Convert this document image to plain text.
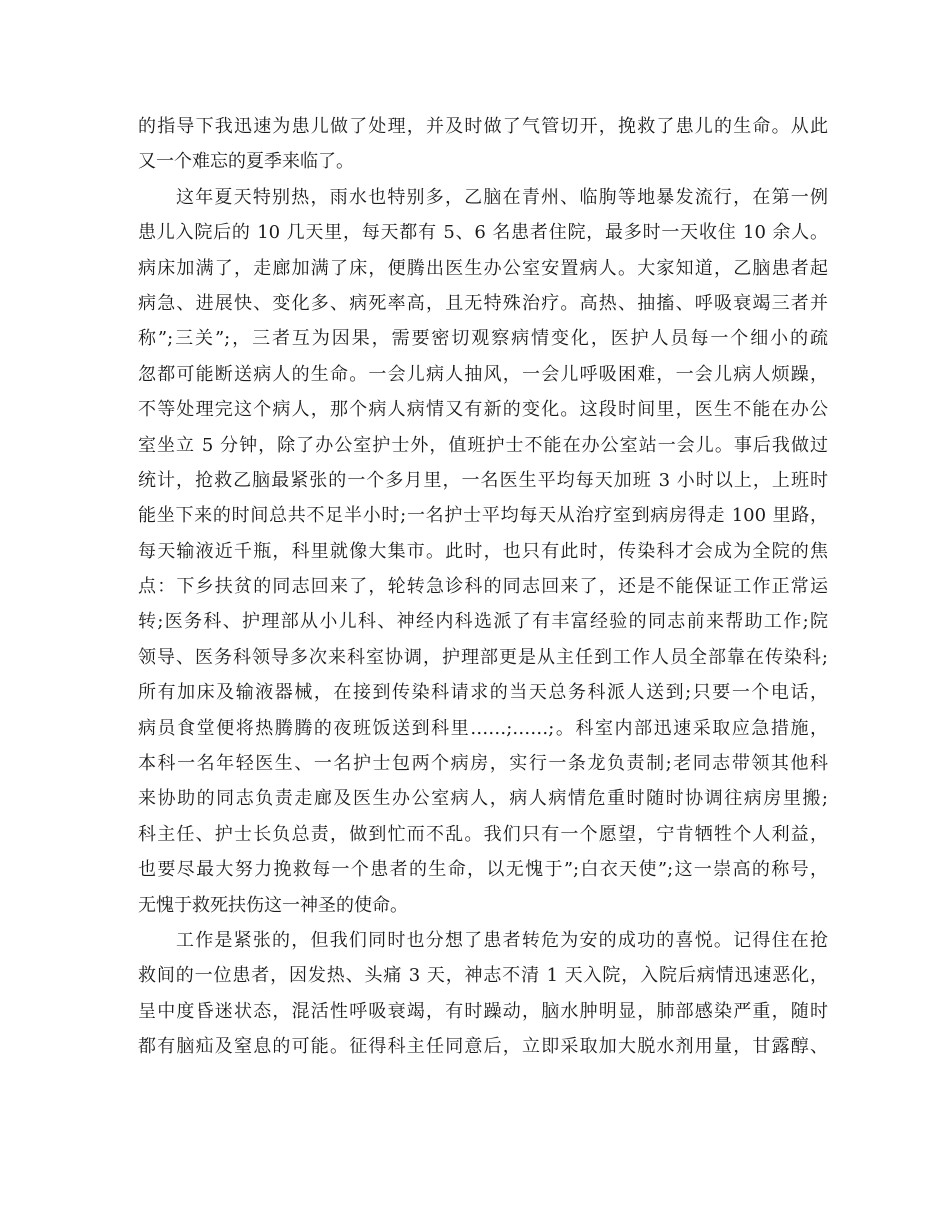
的指导下我迅速为患儿做了处理，并及时做了气管切开，挽救了患儿的生命。从此
又一个难忘的夏季来临了。
这年夏天特别热，雨水也特别多，乙脑在青州、临朐等地暴发流行，在第一例
患儿入院后的 10 几天里，每天都有 5、6 名患者住院，最多时一天收住 10 余人。
病床加满了，走廊加满了床，便腾出医生办公室安置病人。大家知道，乙脑患者起
病急、进展快、变化多、病死率高，且无特殊治疗。高热、抽搐、呼吸衰竭三者并
称”;三关”;，三者互为因果，需要密切观察病情变化，医护人员每一个细小的疏
忽都可能断送病人的生命。一会儿病人抽风，一会儿呼吸困难，一会儿病人烦躁，
不等处理完这个病人，那个病人病情又有新的变化。这段时间里，医生不能在办公
室坐立 5 分钟，除了办公室护士外，值班护士不能在办公室站一会儿。事后我做过
统计，抢救乙脑最紧张的一个多月里，一名医生平均每天加班 3 小时以上，上班时
能坐下来的时间总共不足半小时;一名护士平均每天从治疗室到病房得走 100 里路，
每天输液近千瓶，科里就像大集市。此时，也只有此时，传染科才会成为全院的焦
点：下乡扶贫的同志回来了，轮转急诊科的同志回来了，还是不能保证工作正常运
转;医务科、护理部从小儿科、神经内科选派了有丰富经验的同志前来帮助工作;院
领导、医务科领导多次来科室协调，护理部更是从主任到工作人员全部靠在传染科;
所有加床及输液器械，在接到传染科请求的当天总务科派人送到;只要一个电话，
病员食堂便将热腾腾的夜班饭送到科里……;……;。科室内部迅速采取应急措施，
本科一名年轻医生、一名护士包两个病房，实行一条龙负责制;老同志带领其他科
来协助的同志负责走廊及医生办公室病人，病人病情危重时随时协调往病房里搬;
科主任、护士长负总责，做到忙而不乱。我们只有一个愿望，宁肯牺牲个人利益，
也要尽最大努力挽救每一个患者的生命，以无愧于”;白衣天使”;这一崇高的称号，
无愧于救死扶伤这一神圣的使命。
工作是紧张的，但我们同时也分想了患者转危为安的成功的喜悦。记得住在抢
救间的一位患者，因发热、头痛 3 天，神志不清 1 天入院，入院后病情迅速恶化，
呈中度昏迷状态，混活性呼吸衰竭，有时躁动，脑水肿明显，肺部感染严重，随时
都有脑疝及窒息的可能。征得科主任同意后，立即采取加大脱水剂用量，甘露醇、
